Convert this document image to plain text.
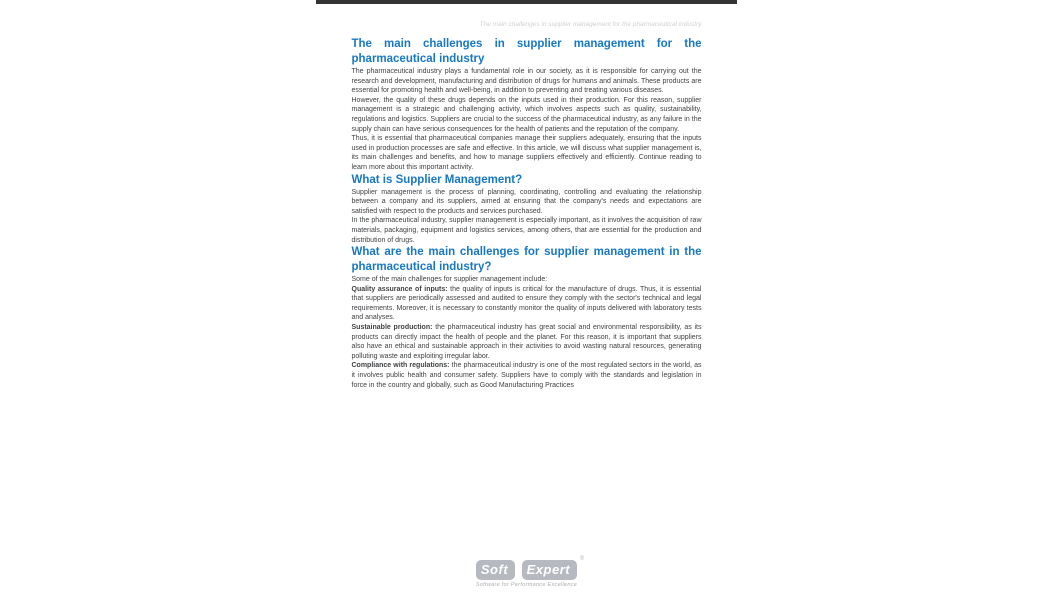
The main challenges in supplier management for the pharmaceutical industry
The main challenges in supplier management for the pharmaceutical industry

The pharmaceutical industry plays a fundamental role in our society, as it is responsible for carrying out the research and development, manufacturing and distribution of drugs for humans and animals. These products are essential for promoting health and well-being, in addition to preventing and treating various diseases.

However, the quality of these drugs depends on the inputs used in their production. For this reason, supplier management is a strategic and challenging activity, which involves aspects such as quality, sustainability, regulations and logistics. Suppliers are crucial to the success of the pharmaceutical industry, as any failure in the supply chain can have serious consequences for the health of patients and the reputation of the company.

Thus, it is essential that pharmaceutical companies manage their suppliers adequately, ensuring that the inputs used in production processes are safe and effective. In this article, we will discuss what supplier management is, its main challenges and benefits, and how to manage suppliers effectively and efficiently. Continue reading to learn more about this important activity.

What is Supplier Management?

Supplier management is the process of planning, coordinating, controlling and evaluating the relationship between a company and its suppliers, aimed at ensuring that the company's needs and expectations are satisfied with respect to the products and services purchased.

In the pharmaceutical industry, supplier management is especially important, as it involves the acquisition of raw materials, packaging, equipment and logistics services, among others, that are essential for the production and distribution of drugs.

What are the main challenges for supplier management in the pharmaceutical industry?

Some of the main challenges for supplier management include:

Quality assurance of inputs: the quality of inputs is critical for the manufacture of drugs. Thus, it is essential that suppliers are periodically assessed and audited to ensure they comply with the sector's technical and legal requirements. Moreover, it is necessary to constantly monitor the quality of inputs delivered with laboratory tests and analyses.

Sustainable production: the pharmaceutical industry has great social and environmental responsibility, as its products can directly impact the health of people and the planet. For this reason, it is important that suppliers also have an ethical and sustainable approach in their activities to avoid wasting natural resources, generating polluting waste and exploiting irregular labor.

Compliance with regulations: the pharmaceutical industry is one of the most regulated sectors in the world, as it involves public health and consumer safety. Suppliers have to comply with the standards and legislation in force in the country and globally, such as Good Manufacturing Practices

Soft Expert
®
Software for Performance Excellence
